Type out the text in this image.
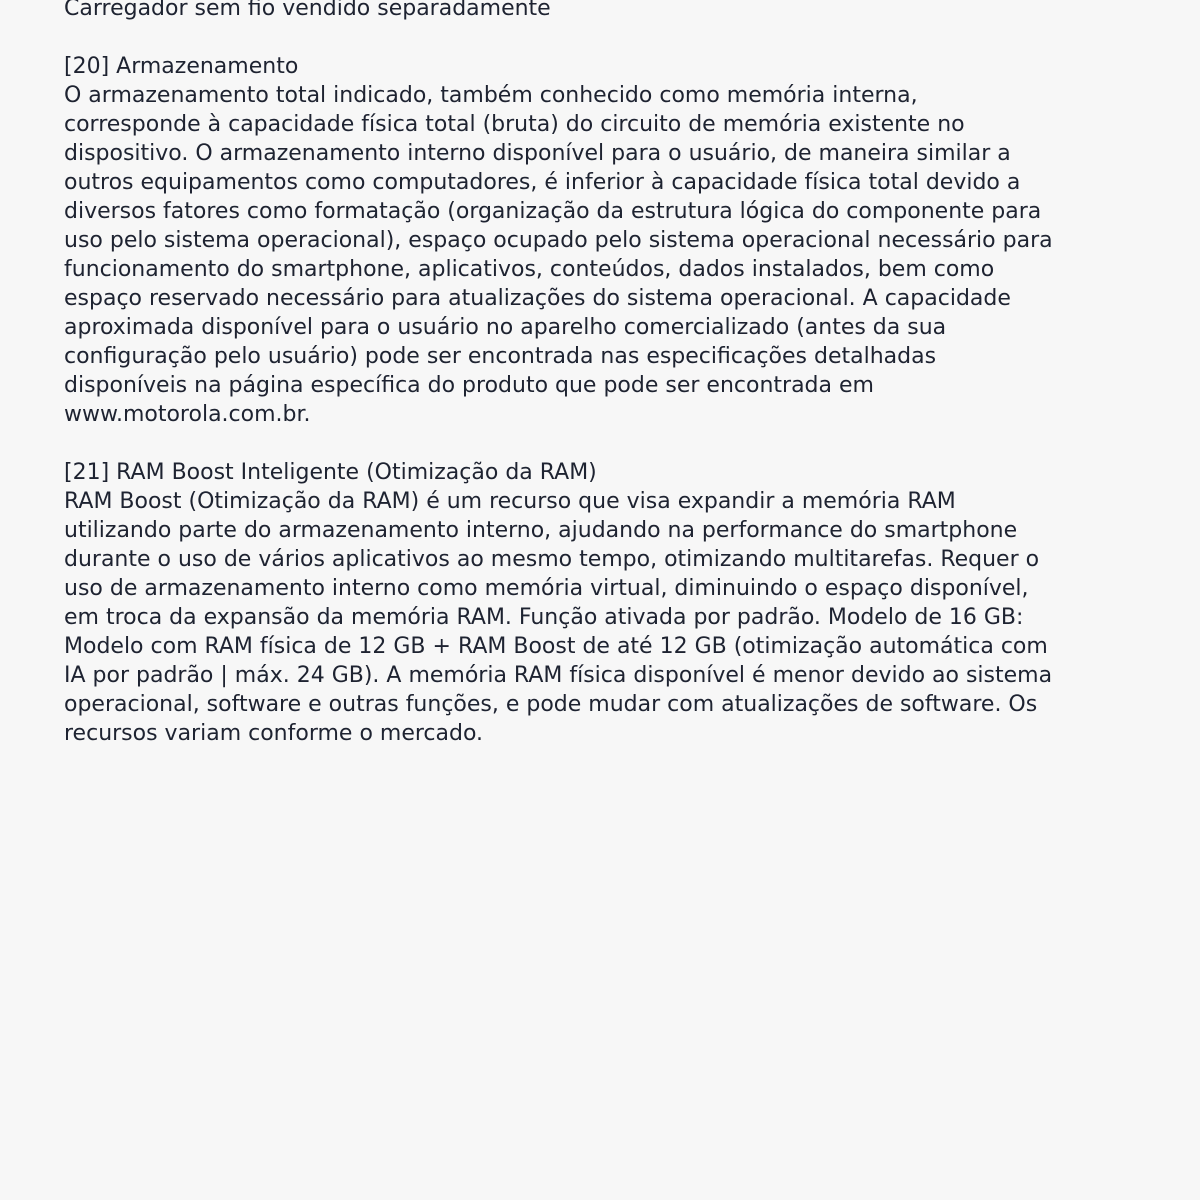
Carregador sem fio vendido separadamente

[20] Armazenamento

O armazenamento total indicado, também conhecido como memória interna,
corresponde à capacidade física total (bruta) do circuito de memória existente no
dispositivo. O armazenamento interno disponível para o usuário, de maneira similar a
outros equipamentos como computadores, é inferior à capacidade física total devido a
diversos fatores como formatação (organização da estrutura lógica do componente para
uso pelo sistema operacional), espaço ocupado pelo sistema operacional necessário para
funcionamento do smartphone, aplicativos, conteúdos, dados instalados, bem como
espaço reservado necessário para atualizações do sistema operacional. A capacidade
aproximada disponível para o usuário no aparelho comercializado (antes da sua
configuração pelo usuário) pode ser encontrada nas especificações detalhadas
disponíveis na página específica do produto que pode ser encontrada em
www.motorola.com.br.

[21] RAM Boost Inteligente (Otimização da RAM)

RAM Boost (Otimização da RAM) é um recurso que visa expandir a memória RAM
utilizando parte do armazenamento interno, ajudando na performance do smartphone
durante o uso de vários aplicativos ao mesmo tempo, otimizando multitarefas. Requer o
uso de armazenamento interno como memória virtual, diminuindo o espaço disponível,
em troca da expansão da memória RAM. Função ativada por padrão. Modelo de 16 GB:
Modelo com RAM física de 12 GB + RAM Boost de até 12 GB (otimização automática com
IA por padrão | máx. 24 GB). A memória RAM física disponível é menor devido ao sistema
operacional, software e outras funções, e pode mudar com atualizações de software. Os
recursos variam conforme o mercado.
